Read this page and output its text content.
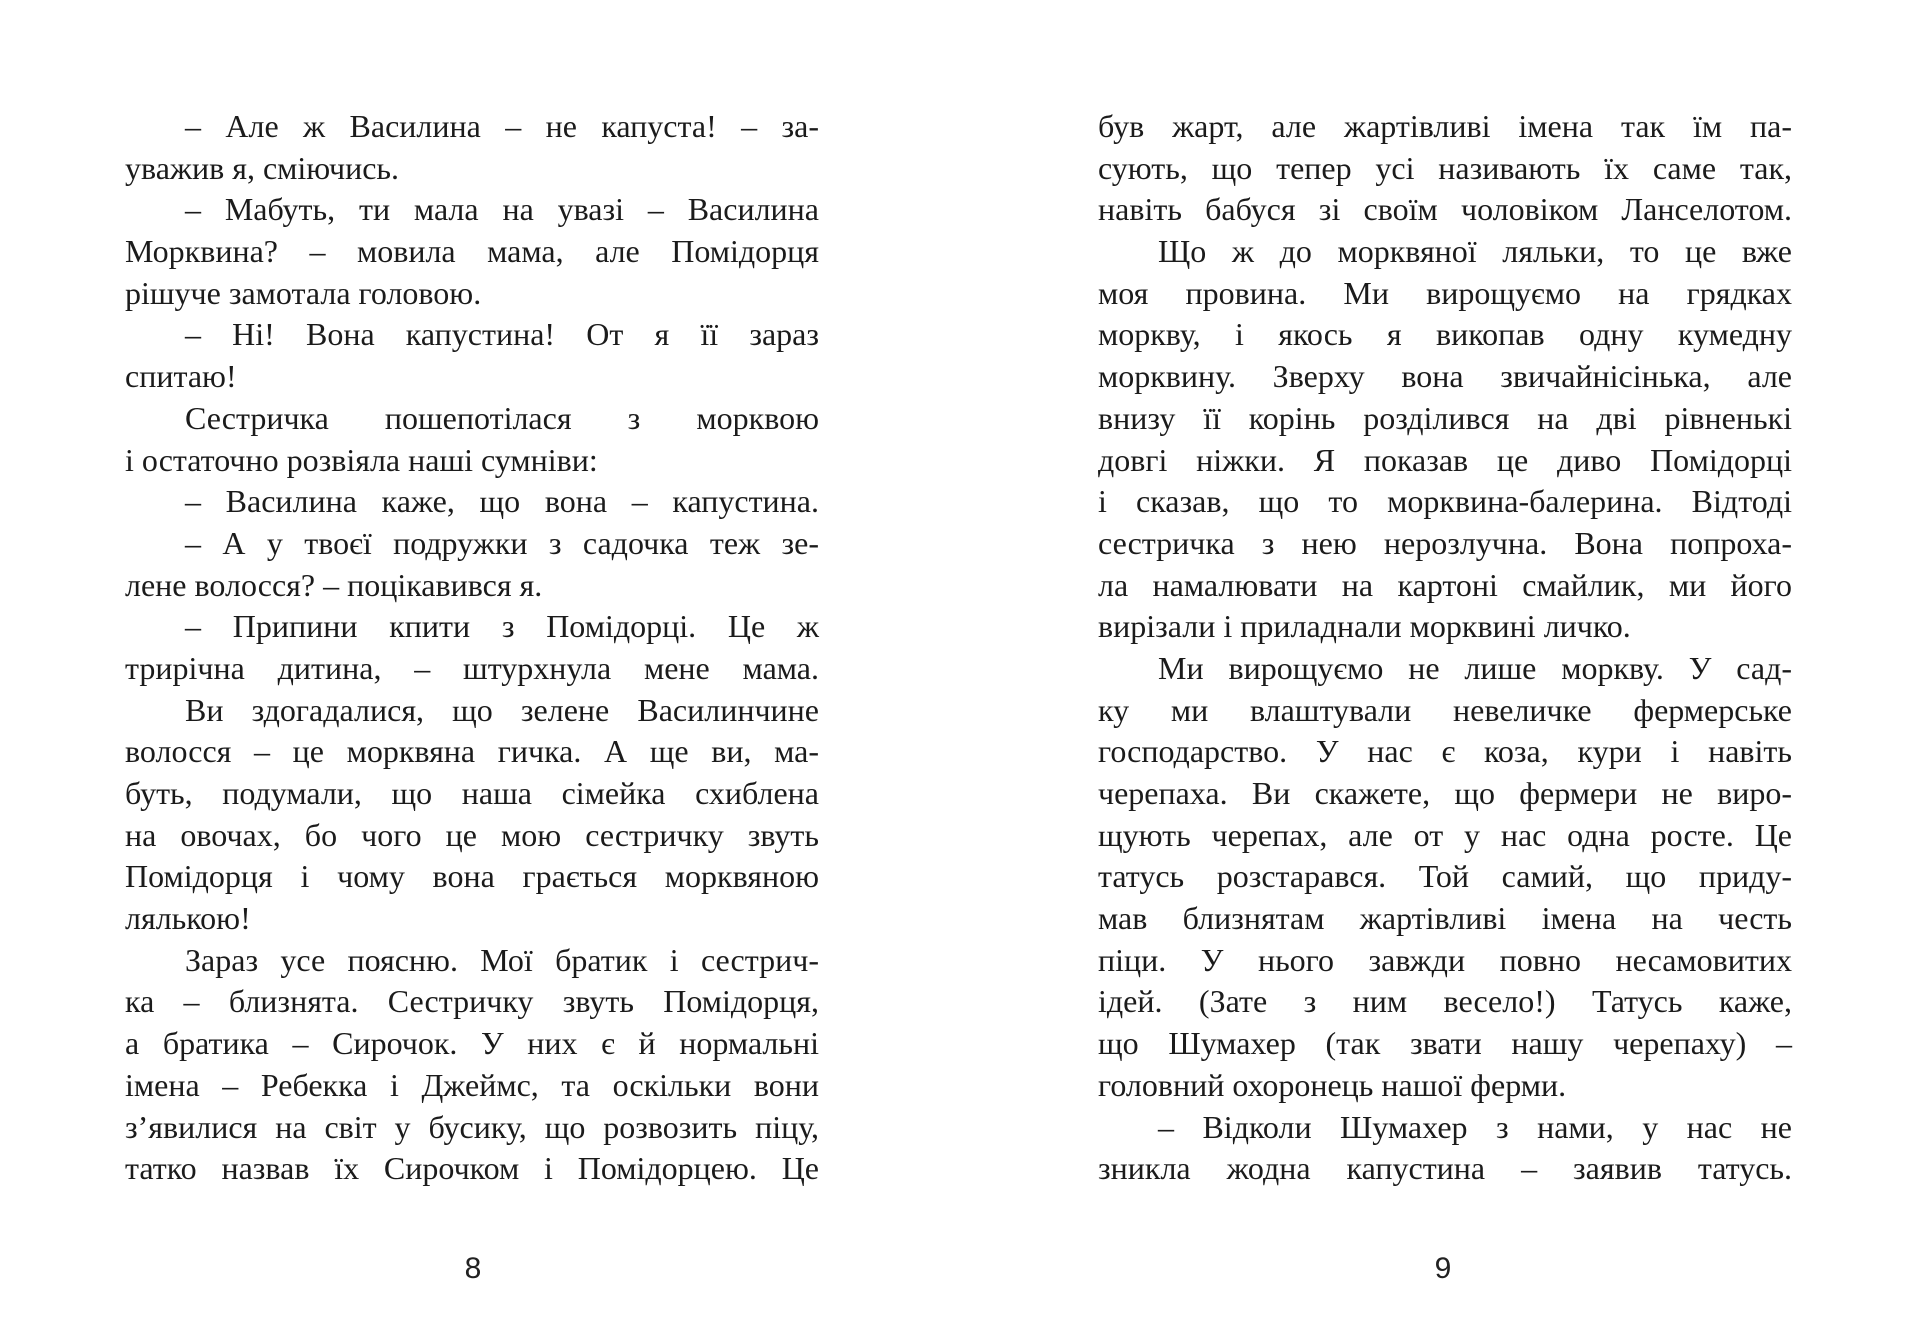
– Але ж Василина – не капуста! – за-
уважив я, сміючись.
– Мабуть, ти мала на увазі – Василина
Морквина? – мовила мама, але Помідорця
рішуче замотала головою.
– Ні! Вона капустина! От я її зараз
спитаю!
Сестричка пошепотілася з морквою
і остаточно розвіяла наші сумніви:
– Василина каже, що вона – капустина.
– А у твоєї подружки з садочка теж зе-
лене волосся? – поцікавився я.
– Припини кпити з Помідорці. Це ж
трирічна дитина, – штурхнула мене мама.
Ви здогадалися, що зелене Василинчине
волосся – це морквяна гичка. А ще ви, ма-
буть, подумали, що наша сімейка схиблена
на овочах, бо чого це мою сестричку звуть
Помідорця і чому вона грається морквяною
лялькою!
Зараз усе поясню. Мої братик і сестрич-
ка – близнята. Сестричку звуть Помідорця,
а братика – Сирочок. У них є й нормальні
імена – Ребекка і Джеймс, та оскільки вони
з’явилися на світ у бусику, що розвозить піцу,
татко назвав їх Сирочком і Помідорцею. Це
був жарт, але жартівливі імена так їм па-
сують, що тепер усі називають їх саме так,
навіть бабуся зі своїм чоловіком Ланселотом.
Що ж до морквяної ляльки, то це вже
моя провина. Ми вирощуємо на грядках
моркву, і якось я викопав одну кумедну
морквину. Зверху вона звичайнісінька, але
внизу її корінь розділився на дві рівненькі
довгі ніжки. Я показав це диво Помідорці
і сказав, що то морквина-балерина. Відтоді
сестричка з нею нерозлучна. Вона попроха-
ла намалювати на картоні смайлик, ми його
вирізали і приладнали морквині личко.
Ми вирощуємо не лише моркву. У сад-
ку ми влаштували невеличке фермерське
господарство. У нас є коза, кури і навіть
черепаха. Ви скажете, що фермери не виро-
щують черепах, але от у нас одна росте. Це
татусь розстарався. Той самий, що приду-
мав близнятам жартівливі імена на честь
піци. У нього завжди повно несамовитих
ідей. (Зате з ним весело!) Татусь каже,
що Шумахер (так звати нашу черепаху) –
головний охоронець нашої ферми.
– Відколи Шумахер з нами, у нас не
зникла жодна капустина – заявив татусь.
8	9
